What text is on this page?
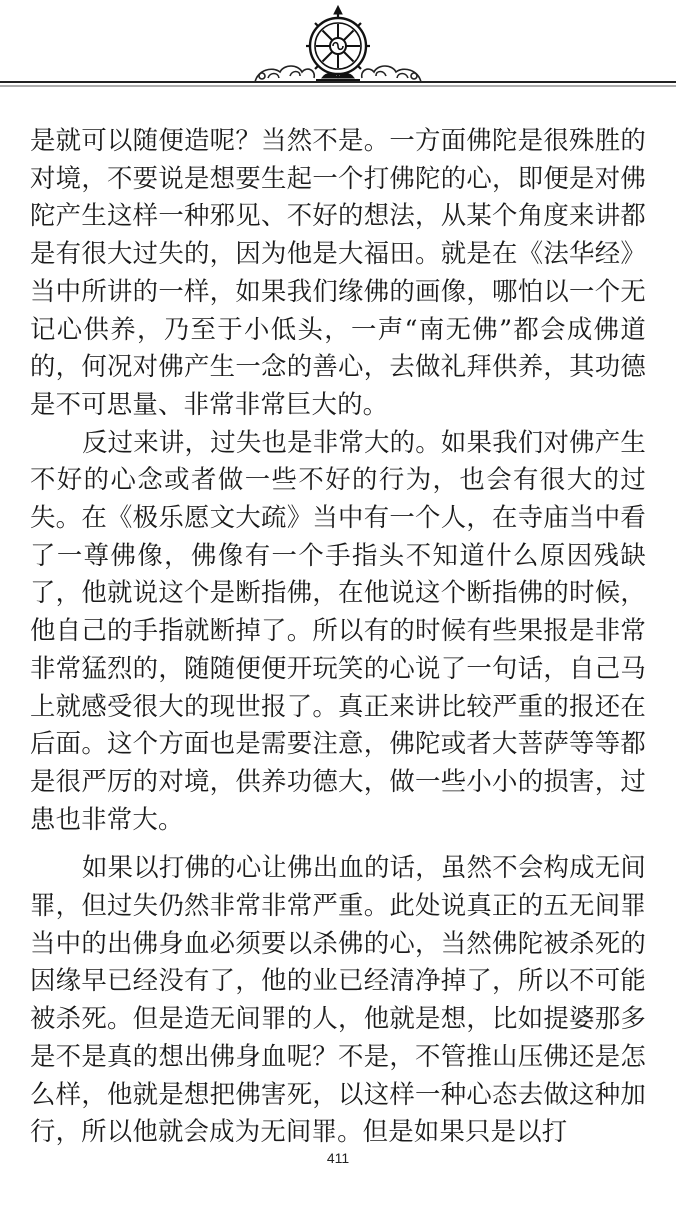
是就可以随便造呢？当然不是。一方面佛陀是很殊胜的对境，不要说是想要生起一个打佛陀的心，即便是对佛陀产生这样一种邪见、不好的想法，从某个角度来讲都是有很大过失的，因为他是大福田。就是在《法华经》当中所讲的一样，如果我们缘佛的画像，哪怕以一个无记心供养，乃至于小低头，一声“南无佛”都会成佛道的，何况对佛产生一念的善心，去做礼拜供养，其功德是不可思量、非常非常巨大的。

反过来讲，过失也是非常大的。如果我们对佛产生不好的心念或者做一些不好的行为，也会有很大的过失。在《极乐愿文大疏》当中有一个人，在寺庙当中看了一尊佛像，佛像有一个手指头不知道什么原因残缺了，他就说这个是断指佛，在他说这个断指佛的时候，他自己的手指就断掉了。所以有的时候有些果报是非常非常猛烈的，随随便便开玩笑的心说了一句话，自己马上就感受很大的现世报了。真正来讲比较严重的报还在后面。这个方面也是需要注意，佛陀或者大菩萨等等都是很严厉的对境，供养功德大，做一些小小的损害，过患也非常大。

如果以打佛的心让佛出血的话，虽然不会构成无间罪，但过失仍然非常非常严重。此处说真正的五无间罪当中的出佛身血必须要以杀佛的心，当然佛陀被杀死的因缘早已经没有了，他的业已经清净掉了，所以不可能被杀死。但是造无间罪的人，他就是想，比如提婆那多是不是真的想出佛身血呢？不是，不管推山压佛还是怎么样，他就是想把佛害死，以这样一种心态去做这种加行，所以他就会成为无间罪。但是如果只是以打

411
